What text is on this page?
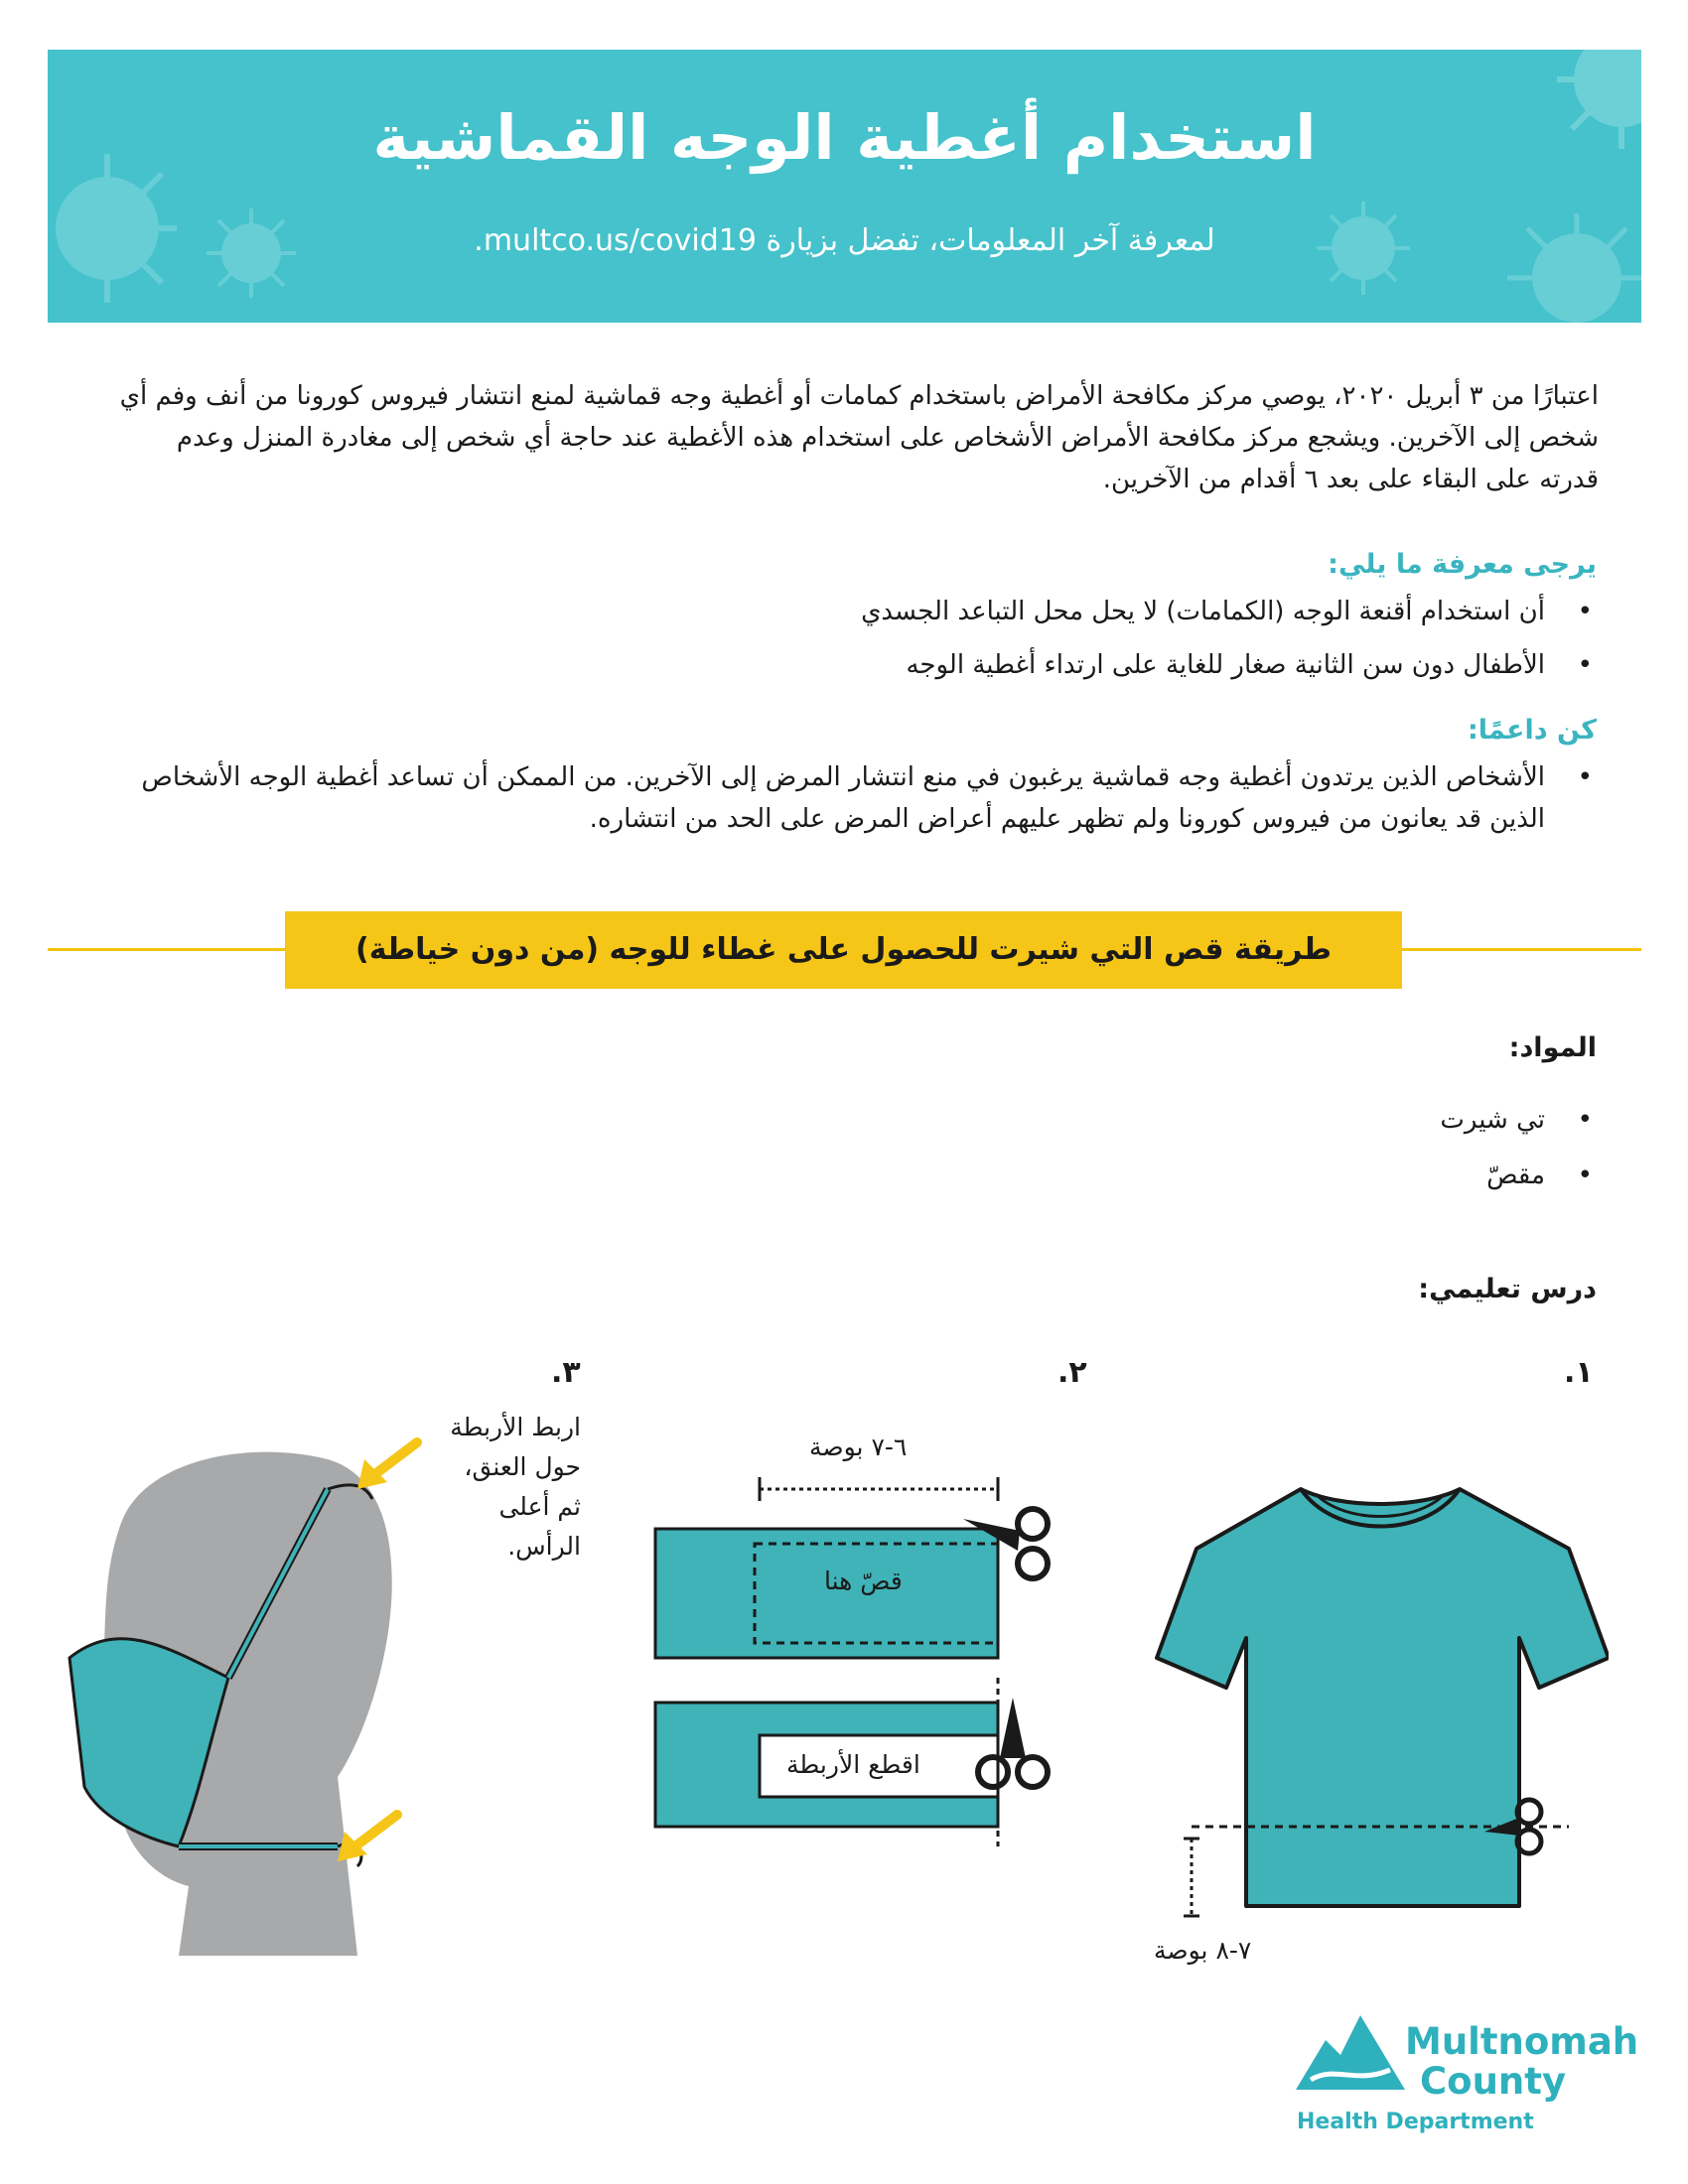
استخدام أغطية الوجه القماشية
لمعرفة آخر المعلومات، تفضل بزيارة multco.us/covid19.
اعتبارًا من ٣ أبريل ٢٠٢٠، يوصي مركز مكافحة الأمراض باستخدام كمامات أو أغطية وجه قماشية لمنع انتشار فيروس كورونا من أنف وفم أي شخص إلى الآخرين. ويشجع مركز مكافحة الأمراض الأشخاص على استخدام هذه الأغطية عند حاجة أي شخص إلى مغادرة المنزل وعدم قدرته على البقاء على بعد ٦ أقدام من الآخرين.
يرجى معرفة ما يلي:
• أن استخدام أقنعة الوجه (الكمامات) لا يحل محل التباعد الجسدي
• الأطفال دون سن الثانية صغار للغاية على ارتداء أغطية الوجه
كن داعمًا:
• الأشخاص الذين يرتدون أغطية وجه قماشية يرغبون في منع انتشار المرض إلى الآخرين. من الممكن أن تساعد أغطية الوجه الأشخاص الذين قد يعانون من فيروس كورونا ولم تظهر عليهم أعراض المرض على الحد من انتشاره.
طريقة قص التي شيرت للحصول على غطاء للوجه (من دون خياطة)
المواد:
• تي شيرت
• مقصّ
درس تعليمي:
١.
٢.
٣.
٧-٨ بوصة
٦-٧ بوصة
قصّ هنا
اقطع الأربطة
اربط الأربطة
حول العنق،
ثم أعلى
الرأس.
Multnomah
County
Health Department
